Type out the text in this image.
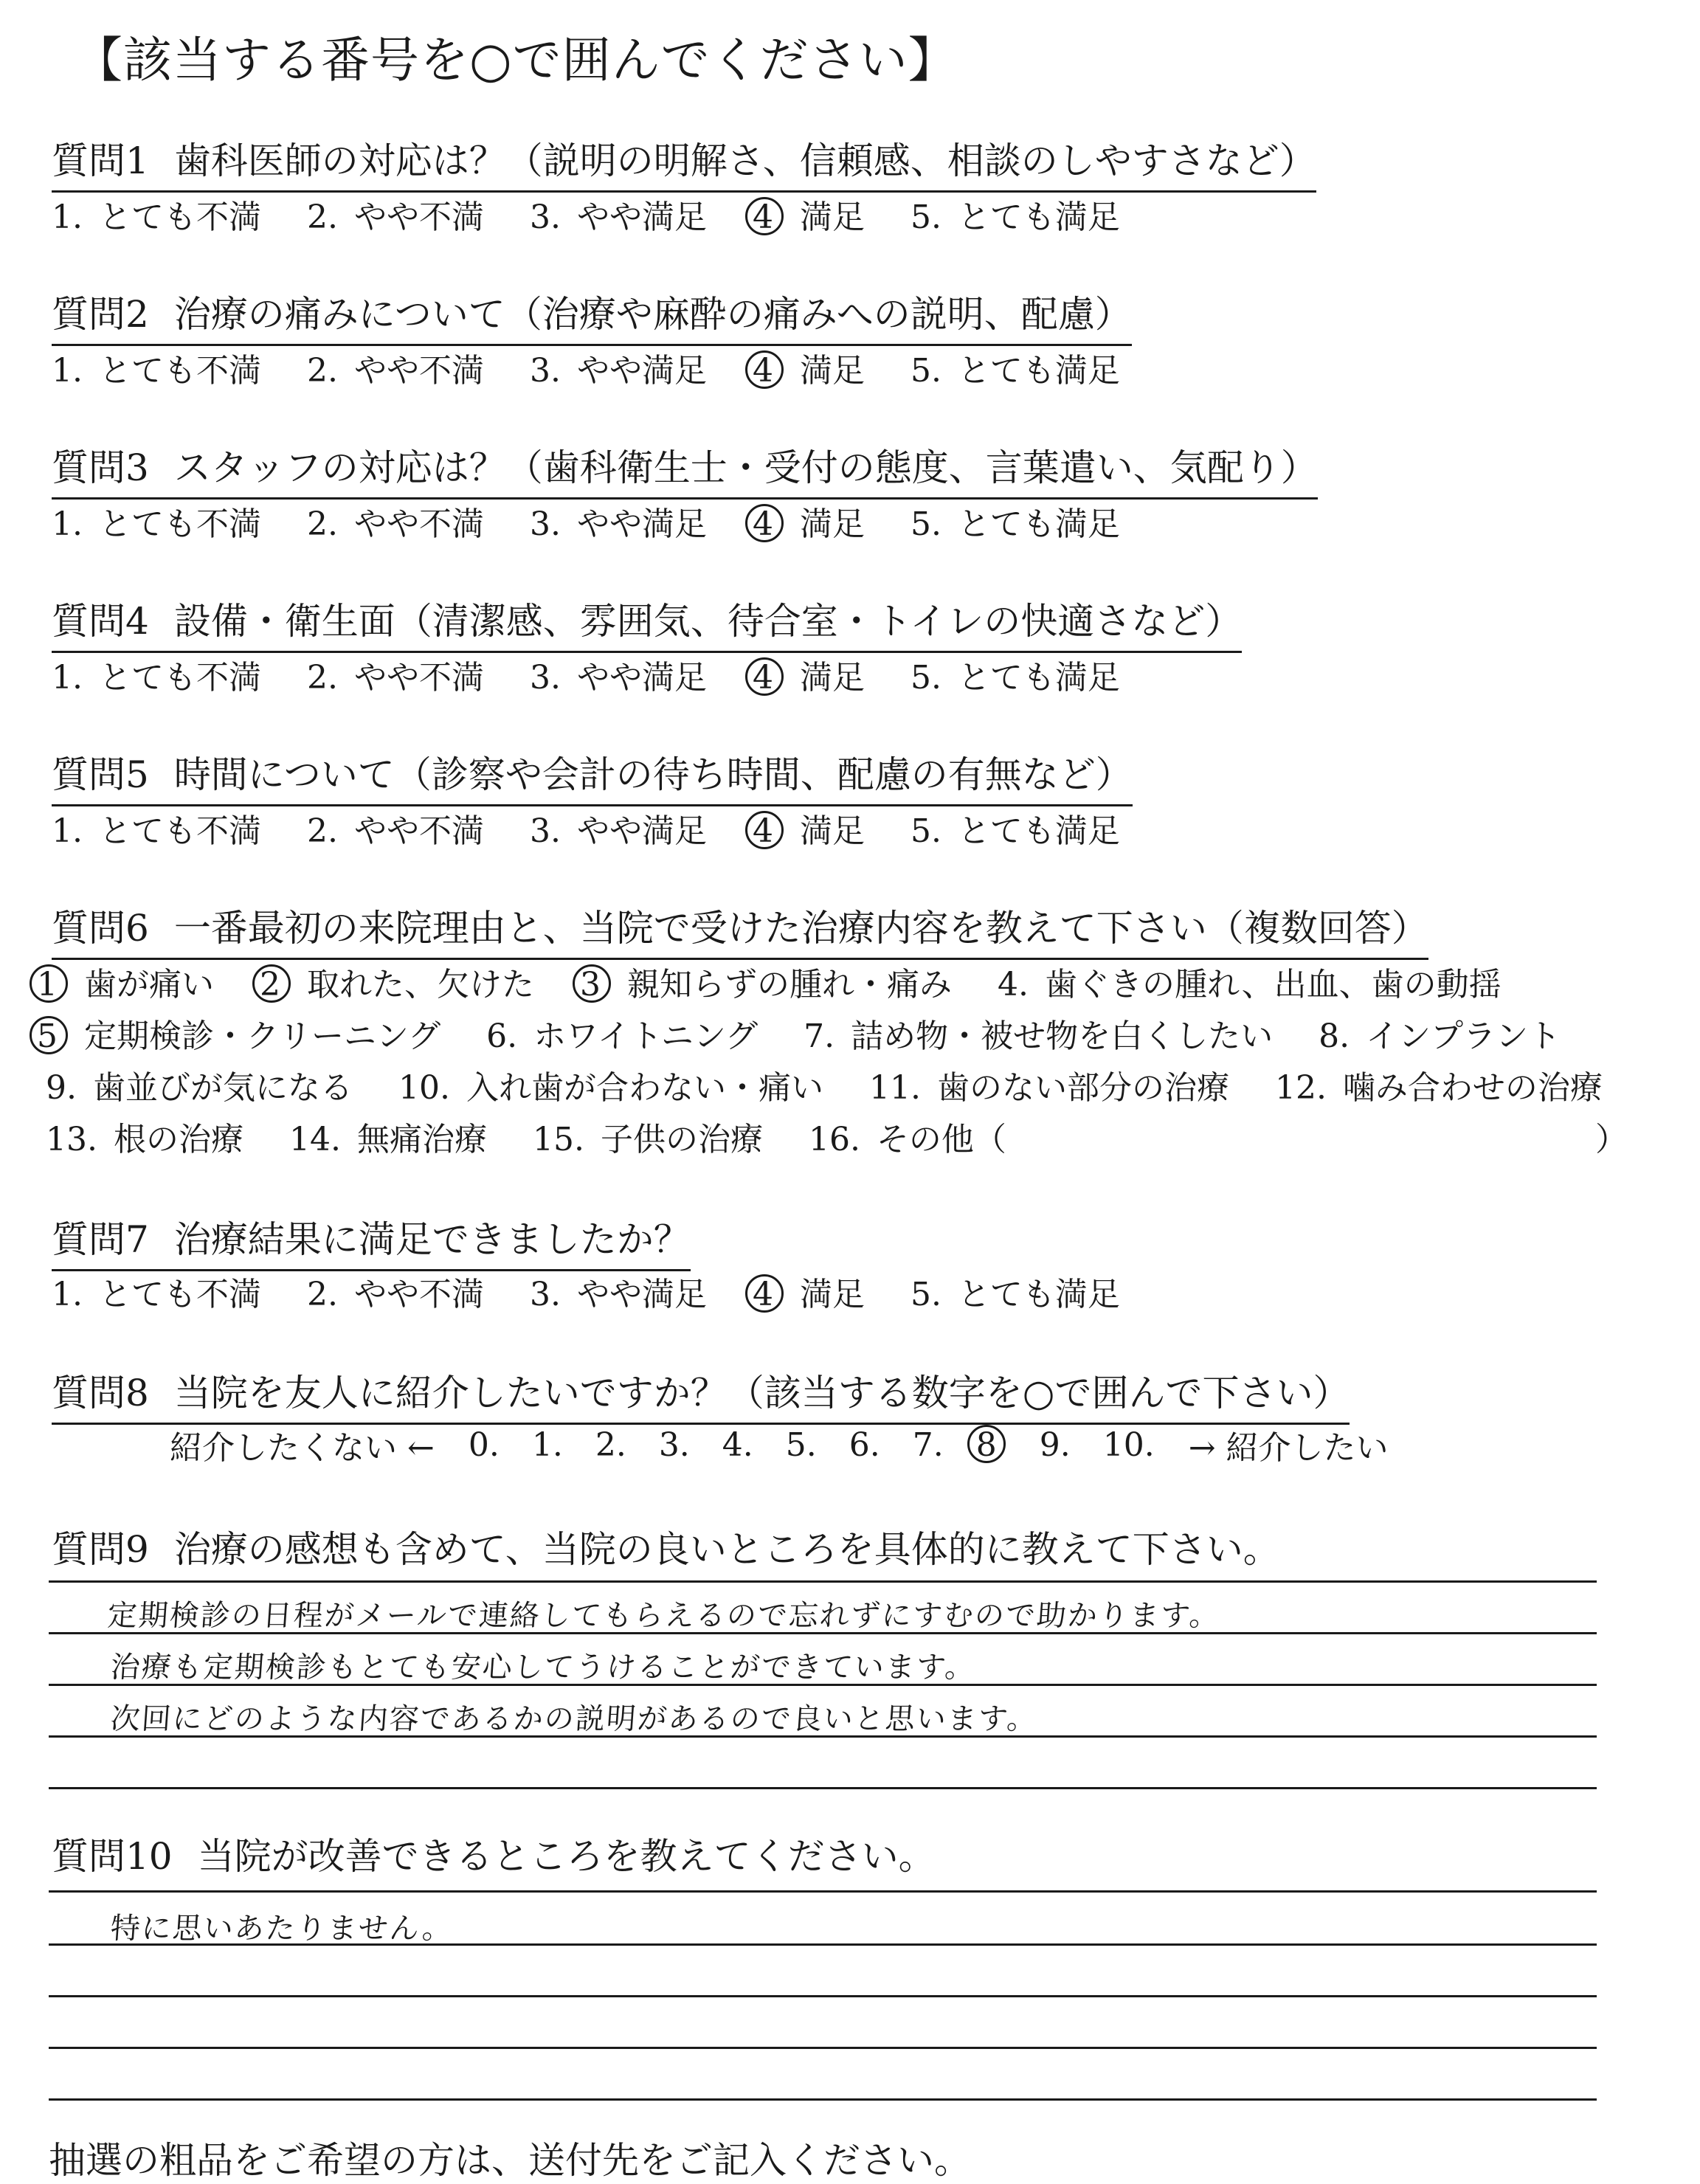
【該当する番号を○で囲んでください】
質問1 歯科医師の対応は？（説明の明解さ、信頼感、相談のしやすさなど）
1. とても不満 2. やや不満 3. やや満足 4 満足 5. とても満足
質問2 治療の痛みについて（治療や麻酔の痛みへの説明、配慮）
1. とても不満 2. やや不満 3. やや満足 4 満足 5. とても満足
質問3 スタッフの対応は？（歯科衛生士・受付の態度、言葉遣い、気配り）
1. とても不満 2. やや不満 3. やや満足 4 満足 5. とても満足
質問4 設備・衛生面（清潔感、雰囲気、待合室・トイレの快適さなど）
1. とても不満 2. やや不満 3. やや満足 4 満足 5. とても満足
質問5 時間について（診察や会計の待ち時間、配慮の有無など）
1. とても不満 2. やや不満 3. やや満足 4 満足 5. とても満足
質問6 一番最初の来院理由と、当院で受けた治療内容を教えて下さい（複数回答）
1 歯が痛い 2 取れた、欠けた 3 親知らずの腫れ・痛み 4. 歯ぐきの腫れ、出血、歯の動揺
5 定期検診・クリーニング 6. ホワイトニング 7. 詰め物・被せ物を白くしたい 8. インプラント
9. 歯並びが気になる 10. 入れ歯が合わない・痛い 11. 歯のない部分の治療 12. 噛み合わせの治療
13. 根の治療 14. 無痛治療 15. 子供の治療 16. その他（	）
質問7 治療結果に満足できましたか？
1. とても不満 2. やや不満 3. やや満足 4 満足 5. とても満足
質問8 当院を友人に紹介したいですか？（該当する数字を○で囲んで下さい）
紹介したくない ← 0. 1. 2. 3. 4. 5. 6. 7. 8	9. 10. → 紹介したい
質問9 治療の感想も含めて、当院の良いところを具体的に教えて下さい。
定期検診の日程がメールで連絡してもらえるので忘れずにすむので助かります。
治療も定期検診もとても安心してうけることができています。
次回にどのような内容であるかの説明があるので良いと思います。
質問10 当院が改善できるところを教えてください。
特に思いあたりません。
抽選の粗品をご希望の方は、送付先をご記入ください。
